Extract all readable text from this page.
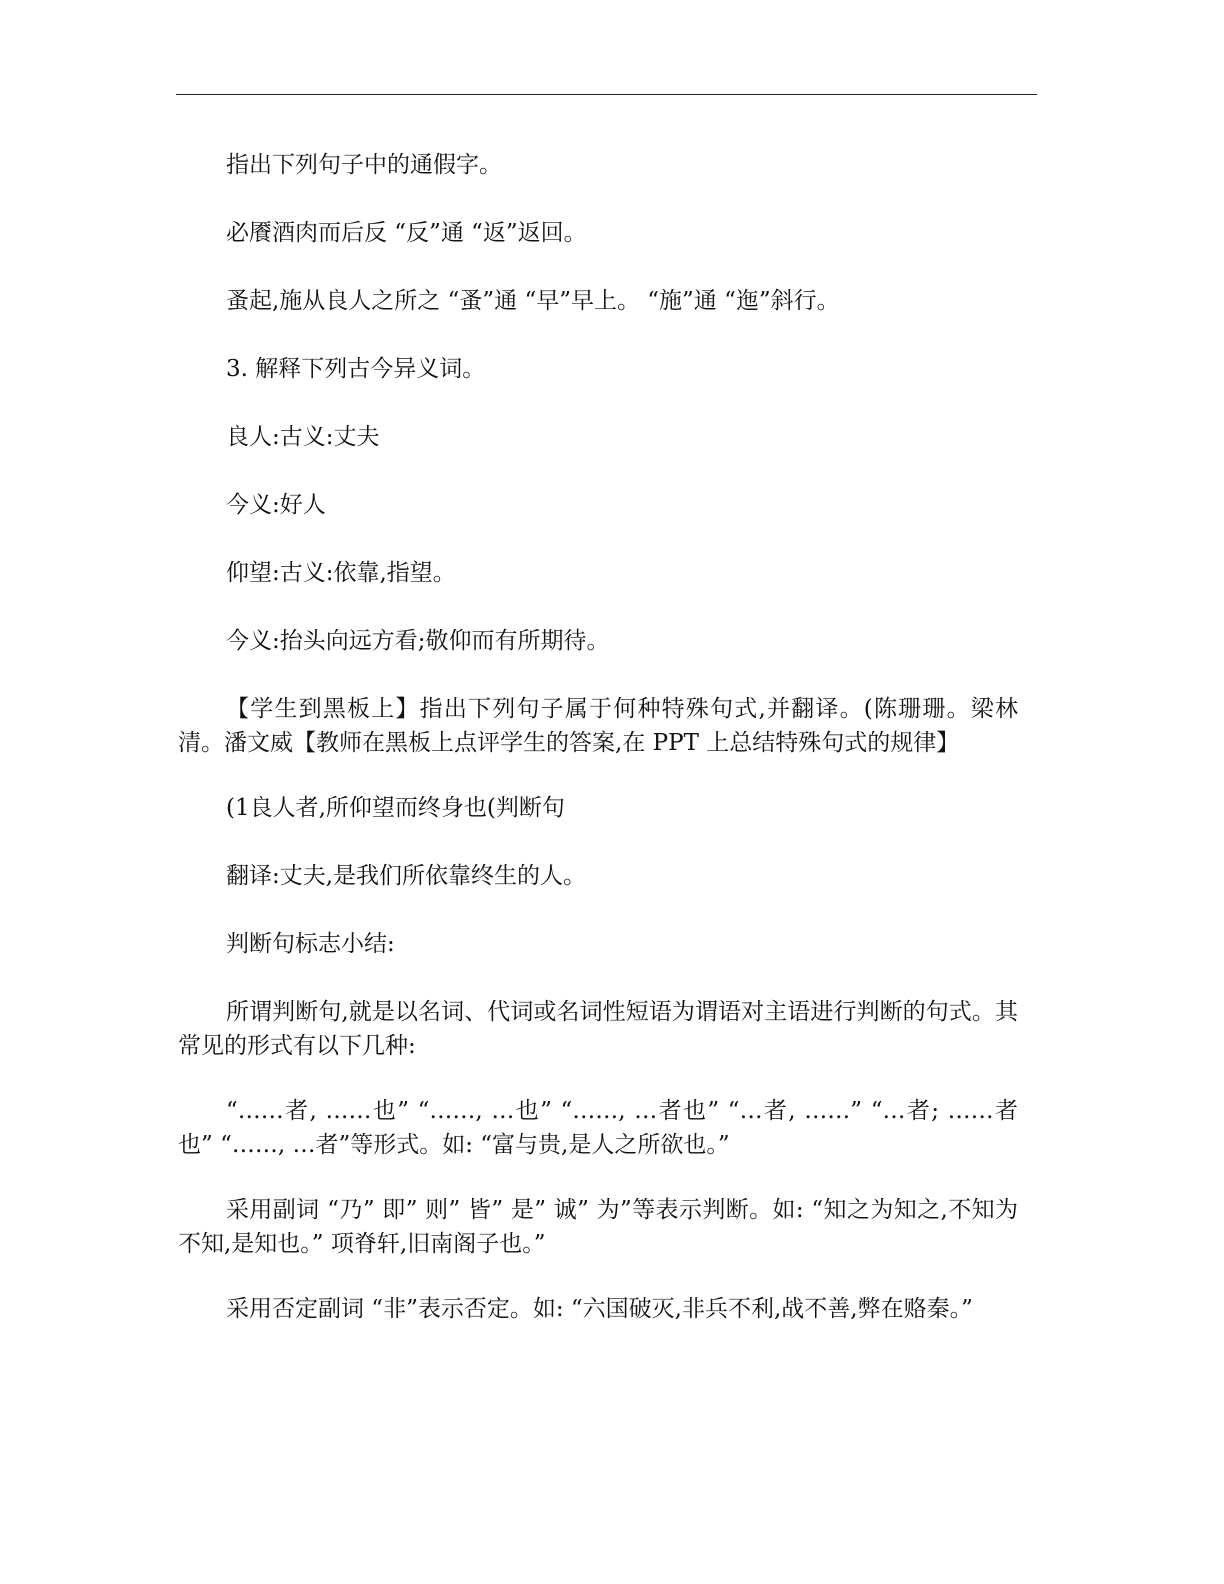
指出下列句子中的通假字。

必餍酒肉而后反 “反”通 “返”返回。

蚤起,施从良人之所之 “蚤”通 “早”早上。 “施”通 “迤”斜行。

3. 解释下列古今异义词。

良人:古义:丈夫

今义:好人

仰望:古义:依靠,指望。

今义:抬头向远方看;敬仰而有所期待。

【学生到黑板上】指出下列句子属于何种特殊句式,并翻译。(陈珊珊。梁林清。潘文威【教师在黑板上点评学生的答案,在 PPT 上总结特殊句式的规律】

(1良人者,所仰望而终身也(判断句

翻译:丈夫,是我们所依靠终生的人。

判断句标志小结:

所谓判断句,就是以名词、代词或名词性短语为谓语对主语进行判断的句式。其常见的形式有以下几种:

“……者, ……也” “……, …也” “……, …者也” “…者, ……” “…者; ……者也” “……, …者”等形式。如: “富与贵,是人之所欲也。”

采用副词 “乃” 即” 则” 皆” 是” 诚” 为”等表示判断。如: “知之为知之,不知为不知,是知也。” 项脊轩,旧南阁子也。”

采用否定副词 “非”表示否定。如: “六国破灭,非兵不利,战不善,弊在赂秦。”
